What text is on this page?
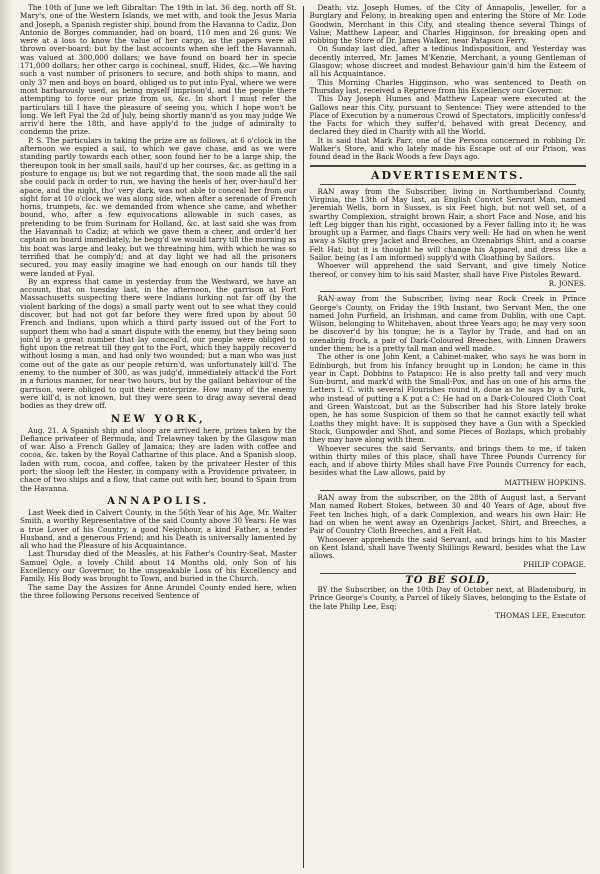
The 10th of June we left Gibraltar: The 19th in lat. 36 deg. north off St. Mary's, one of the Western Islands, we met with, and took the Jesus Maria and Joseph, a Spanish register ship, bound from the Havanna to Cadiz, Don Antonio de Borges commander, had on board, 110 men and 26 guns: We were at a loss to know the value of her cargo, as the papers were all thrown over-board; but by the last accounts when she left the Havannah, was valued at 300,000 dollars; we have found on board her in specie 171,000 dollars; her other cargo is cochineal, snuff, Hides, &c.—We having such a vast number of prisoners to secure, and both ships to mann, and only 37 men and boys on board, obliged us to put into Fyal, where we were most barbarously used, as being myself imprison'd, and the people there attempting to force our prize from us, &c. In short I must refer the particulars till I have the pleasure of seeing you, which I hope won't be long. We left Fyal the 2d of July, being shortly mann'd as you may judge We arriv'd here the 18th, and have apply'd to the judge of admiralty to condemn the prize.

P. S. The particulars in taking the prize are as follows, at 6 o'clock in the afternoon we espied a sail, to which we gave chase, and as we were standing partly towards each other, soon found her to be a large ship, the thereupon took in her small sails, haul'd up her courses, &c. as getting in a posture to engage us; but we not regarding that, the soon made all the sail she could pack in order to run, we having the heels of her, over-haul'd her apace, and the night, tho' very dark, was not able to conceal her from our sight for at 10 o'clock we was along side, when after a serenade of French horns, trumpets, &c. we demanded from whence she came, and whether bound, who, after a few equivocations allowable in such cases, as pretending to be from Surinam for Holland, &c. at last said she was from the Havannah to Cadiz; at which we gave them a cheer, and order'd her captain on board immediately, he begg'd we would tarry till the morning as his boat was large and leaky, but we threatning him, with which he was so terrified that he comply'd; and at day light we had all the prisoners secured, you may easily imagine we had enough on our hands till they were landed at Fyal.

By an express that came in yesterday from the Westward, we have an account, that on tuesday last, in the afternoon, the garrison at Fort Massachusetts suspecting there were Indians lurking not far off (by the violent barking of the dogs) a small party went out to see what they could discover, but had not got far before they were fired upon by about 50 French and Indians, upon which a third party issued out of the Fort to support them who had a smart dispute with the enemy, but they being soon join'd by a great number that lay conceal'd, our people were obliged to fight upon the retreat till they got to the Fort, which they happily recover'd without losing a man, and had only two wounded; but a man who was just come out of the gate as our people return'd, was unfortunately kill'd. The enemy, to the number of 300, as was judg'd, immediately attack'd the Fort in a furious manner, for near two hours, but by the gallant behaviour of the garrison, were obliged to quit their enterprize. How many of the enemy were kill'd, is not known, but they were seen to drag away several dead bodies as they drew off.

NEW YORK,

Aug. 21. A Spanish ship and sloop are arrived here, prizes taken by the Defiance privateer of Bermuda, and Trelawney taken by the Glasgow man of war. Also a French Galley of Jamaica; they are laden with coffee and cocoa, &c. taken by the Royal Catharine of this place. And a Spanish sloop, laden with rum, cocoa, and coffee, taken by the privateer Hester of this port; the sloop left the Hester, in company with a Providence privateer, in chace of two ships and a flow, that came out with her, bound to Spain from the Havanna.

ANNAPOLIS.

Last Week died in Calvert County, in the 56th Year of his Age, Mr. Walter Smith, a worthy Representative of the said County above 30 Years: He was a true Lover of his Country, a good Neighbour, a kind Father, a tender Husband, and a generous Friend; and his Death is universally lamented by all who had the Pleasure of his Acquaintance.

Last Thursday died of the Measles, at his Father's Country-Seat, Master Samuel Ogle, a lovely Child about 14 Months old, only Son of his Excellency our Governor, to the unspeakable Loss of his Excellency and Family. His Body was brought to Town, and buried in the Church.

The same Day the Assizes for Anne Arundel County ended here, when the three following Persons received Sentence of

Death; viz. Joseph Humes, of the City of Annapolis, Jeweller, for a Burglary and Felony, in breaking open and entering the Store of Mr. Lode Goodwin, Merchant in this City, and stealing thence several Things of Value; Matthew Lapear, and Charles Higginson, for breaking open and robbing the Store of Dr. James Walker, near Patapsco Ferry.

On Sunday last died, after a tedious Indisposition, and Yesterday was decently interred, Mr. James M'Kenzie, Merchant, a young Gentleman of Glasgow; whose discreet and modest Behaviour gain'd him the Esteem of all his Acquaintance.

This Morning Charles Higginson, who was sentenced to Death on Thursday last, received a Reprieve from his Excellency our Governor.

This Day Joseph Humes and Matthew Lapear were executed at the Gallows near this City, pursuant to Sentence: They were attended to the Place of Execution by a numerous Crowd of Spectators, implicitly confess'd the Facts for which they suffer'd, behaved with great Decency, and declared they died in Charity with all the World.

It is said that Mark Parr, one of the Persons concerned in robbing Dr. Walker's Store, and who lately made his Escape out of our Prison, was found dead in the Back Woods a few Days ago.

ADVERTISEMENTS.

RAN away from the Subscriber, living in Northumberland County, Virginia, the 13th of May last, an English Convict Servant Man, named Jeremiah Wells, born in Sussex, is six Feet high, but not well set, of a swarthy Complexion, straight brown Hair, a short Face and Nose, and his left Leg bigger than his right, occasioned by a Fever falling into it; he was brought up a Farmer, and flags Chairs very well: He had on when he went away a Skitty grey Jacket and Breeches, an Ozenabrigs Shirt, and a coarse Felt Hat; but it is thought he will change his Apparel, and dress like a Sailor, being (as I am informed) supply'd with Cloathing by Sailors.

Whoever will apprehend the said Servant, and give timely Notice thereof, or convey him to his said Master, shall have Five Pistoles Reward.

R. JONES.

RAN-away from the Subscriber, living near Rock Creek in Prince George's County, on Friday the 19th Instant, two Servant Men, the one named John Purfield, an Irishman, and came from Dublin, with one Capt. Wilson, belonging to Whitehaven, about three Years ago; he may very soon be discover'd by his tongue; he is a Taylor by Trade, and had on an ozenabrig frock, a pair of Dark-Coloured Breeches, with Linnen Drawers under them; he is a pretty tall man and well made.

The other is one John Kent, a Cabinet-maker, who says he was born in Edinburgh, but from his Infancy brought up in London; he came in this year in Capt. Dobbins to Patapsco: He is also pretty tall and very much Sun-burnt, and mark'd with the Small-Pox, and has on one of his arms the Letters I. C. with several Flourishes round it, done as he says by a Turk, who instead of putting a K put a C: He had on a Dark-Coloured Cloth Coat and Green Waistcoat, but as the Subscriber had his Store lately broke open, he has some Suspicion of them so that he cannot exactly tell what Loaths they might have: It is supposed they have a Gun with a Speckled Stock, Gunpowder and Shot, and some Pieces of Bozlaps, which probably they may have along with them.

Whoever secures the said Servants, and brings them to me, if taken within thirty miles of this place, shall have Three Pounds Currency for each, and if above thirty Miles shall have Five Pounds Currency for each, besides what the Law allows, paid by

MATTHEW HOPKINS.

RAN away from the subscriber, on the 28th of August last, a Servant Man named Robert Stokes, between 30 and 40 Years of Age, about five Feet ten Inches high, of a dark Complexion, and wears his own Hair: He had on when he went away an Ozenbrigs Jacket, Shirt, and Breeches, a Pair of Country Cloth Breeches, and a Felt Hat.

Whosoever apprehends the said Servant, and brings him to his Master on Kent Island, shall have Twenty Shillings Reward, besides what the Law allows.

PHILIP COPAGE.
TO BE SOLD,

BY the Subscriber, on the 10th Day of October next, at Bladensburg, in Prince George's County, a Parcel of likely Slaves, belonging to the Estate of the late Philip Lee, Esq;

THOMAS LEE, Executor.
